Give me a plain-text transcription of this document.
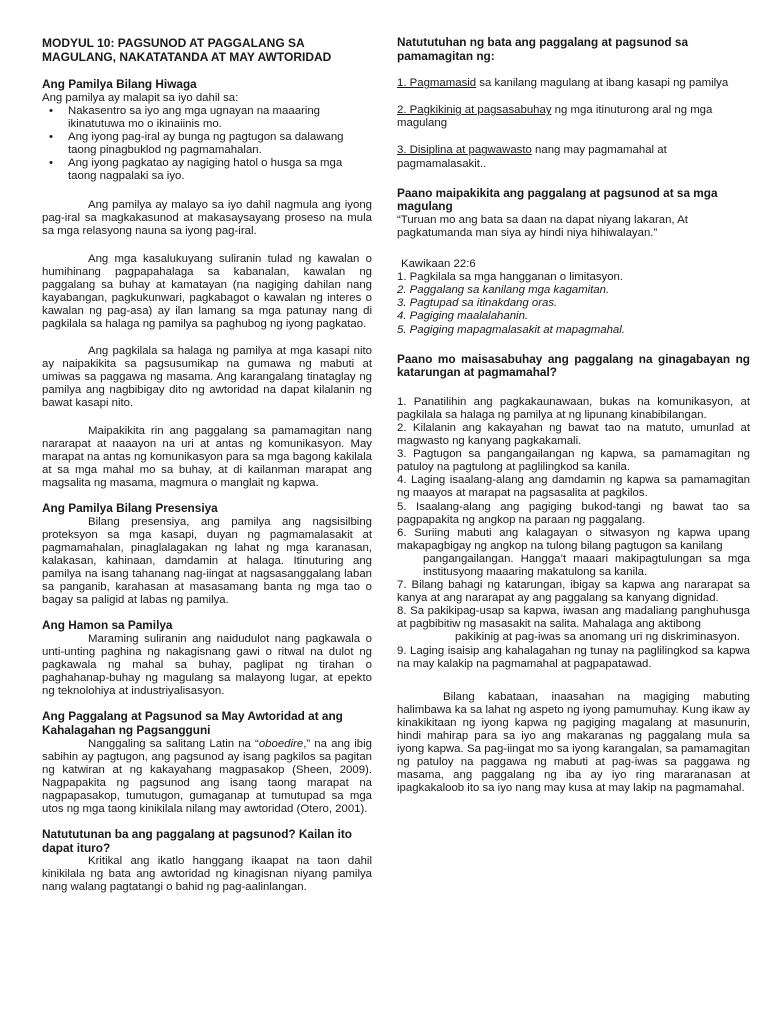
MODYUL 10: PAGSUNOD AT PAGGALANG SA MAGULANG, NAKATATANDA AT MAY AWTORIDAD

Ang Pamilya Bilang Hiwaga

Ang pamilya ay malapit sa iyo dahil sa:

• Nakasentro sa iyo ang mga ugnayan na maaaring ikinatutuwa mo o ikinaiinis mo.
• Ang iyong pag-iral ay bunga ng pagtugon sa dalawang taong pinagbuklod ng pagmamahalan.
• Ang iyong pagkatao ay nagiging hatol o husga sa mga taong nagpalaki sa iyo.

Ang pamilya ay malayo sa iyo dahil nagmula ang iyong pag-iral sa magkakasunod at makasaysayang proseso na mula sa mga relasyong nauna sa iyong pag-iral.

Ang mga kasalukuyang suliranin tulad ng kawalan o humihinang pagpapahalaga sa kabanalan, kawalan ng paggalang sa buhay at kamatayan (na nagiging dahilan nang kayabangan, pagkukunwari, pagkabagot o kawalan ng interes o kawalan ng pag-asa) ay ilan lamang sa mga patunay nang di pagkilala sa halaga ng pamilya sa paghubog ng iyong pagkatao.

Ang pagkilala sa halaga ng pamilya at mga kasapi nito ay naipakikita sa pagsusumikap na gumawa ng mabuti at umiwas sa paggawa ng masama. Ang karangalang tinataglay ng pamilya ang nagbibigay dito ng awtoridad na dapat kilalanin ng bawat kasapi nito.

Maipakikita rin ang paggalang sa pamamagitan nang nararapat at naaayon na uri at antas ng komunikasyon. May marapat na antas ng komunikasyon para sa mga bagong kakilala at sa mga mahal mo sa buhay, at di kailanman marapat ang magsalita ng masama, magmura o manglait ng kapwa.

Ang Pamilya Bilang Presensiya

Bilang presensiya, ang pamilya ang nagsisilbing proteksyon sa mga kasapi, duyan ng pagmamalasakit at pagmamahalan, pinaglalagakan ng lahat ng mga karanasan, kalakasan, kahinaan, damdamin at halaga. Itinuturing ang pamilya na isang tahanang nag-iingat at nagsasanggalang laban sa panganib, karahasan at masasamang banta ng mga tao o bagay sa paligid at labas ng pamilya.

Ang Hamon sa Pamilya

Maraming suliranin ang naidudulot nang pagkawala o unti-unting paghina ng nakagisnang gawi o ritwal na dulot ng pagkawala ng mahal sa buhay, paglipat ng tirahan o paghahanap-buhay ng magulang sa malayong lugar, at epekto ng teknolohiya at industriyalisasyon.

Ang Paggalang at Pagsunod sa May Awtoridad at ang Kahalagahan ng Pagsangguni

Nanggaling sa salitang Latin na “oboedire,” na ang ibig sabihin ay pagtugon, ang pagsunod ay isang pagkilos sa pagitan ng katwiran at ng kakayahang magpasakop (Sheen, 2009). Nagpapakita ng pagsunod ang isang taong marapat na nagpapasakop, tumutugon, gumaganap at tumutupad sa mga utos ng mga taong kinikilala nilang may awtoridad (Otero, 2001).

Natututunan ba ang paggalang at pagsunod? Kailan ito dapat ituro?

Kritikal ang ikatlo hanggang ikaapat na taon dahil kinikilala ng bata ang awtoridad ng kinagisnan niyang pamilya nang walang pagtatangi o bahid ng pag-aalinlangan.

Natututuhan ng bata ang paggalang at pagsunod sa pamamagitan ng:

1. Pagmamasid sa kanilang magulang at ibang kasapi ng pamilya

2. Pagkikinig at pagsasabuhay ng mga itinuturong aral ng mga magulang

3. Disiplina at pagwawasto nang may pagmamahal at pagmamalasakit..

Paano maipakikita ang paggalang at pagsunod at sa mga magulang

“Turuan mo ang bata sa daan na dapat niyang lakaran, At pagkatumanda man siya ay hindi niya hihiwalayan.”

Kawikaan 22:6

1. Pagkilala sa mga hangganan o limitasyon.
2. Paggalang sa kanilang mga kagamitan.
3. Pagtupad sa itinakdang oras.
4. Pagiging maalalahanin.
5. Pagiging mapagmalasakit at mapagmahal.
Paano mo maisasabuhay ang paggalang na ginagabayan ng katarungan at pagmamahal?

1. Panatilihin ang pagkakaunawaan, bukas na komunikasyon, at pagkilala sa halaga ng pamilya at ng lipunang kinabibilangan.

2. Kilalanin ang kakayahan ng bawat tao na matuto, umunlad at magwasto ng kanyang pagkakamali.

3. Pagtugon sa pangangailangan ng kapwa, sa pamamagitan ng patuloy na pagtulong at paglilingkod sa kanila.

4. Laging isaalang-alang ang damdamin ng kapwa sa pamamagitan ng maayos at marapat na pagsasalita at pagkilos.

5. Isaalang-alang ang pagiging bukod-tangi ng bawat tao sa pagpapakita ng angkop na paraan ng paggalang.

6. Suriing mabuti ang kalagayan o sitwasyon ng kapwa upang makapagbigay ng angkop na tulong bilang pagtugon sa kanilang

pangangailangan. Hangga’t maaari makipagtulungan sa mga institusyong maaaring makatulong sa kanila.

7. Bilang bahagi ng katarungan, ibigay sa kapwa ang nararapat sa kanya at ang nararapat ay ang paggalang sa kanyang dignidad.

8. Sa pakikipag-usap sa kapwa, iwasan ang madaliang panghuhusga at pagbibitiw ng masasakit na salita. Mahalaga ang aktibong

pakikinig at pag-iwas sa anomang uri ng diskriminasyon.

9. Laging isaisip ang kahalagahan ng tunay na paglilingkod sa kapwa na may kalakip na pagmamahal at pagpapatawad.

Bilang kabataan, inaasahan na magiging mabuting halimbawa ka sa lahat ng aspeto ng iyong pamumuhay. Kung ikaw ay kinakikitaan ng iyong kapwa ng pagiging magalang at masunurin, hindi mahirap para sa iyo ang makaranas ng paggalang mula sa iyong kapwa. Sa pag-iingat mo sa iyong karangalan, sa pamamagitan ng patuloy na paggawa ng mabuti at pag-iwas sa paggawa ng masama, ang paggalang ng iba ay iyo ring mararanasan at ipagkakaloob ito sa iyo nang may kusa at may lakip na pagmamahal.
